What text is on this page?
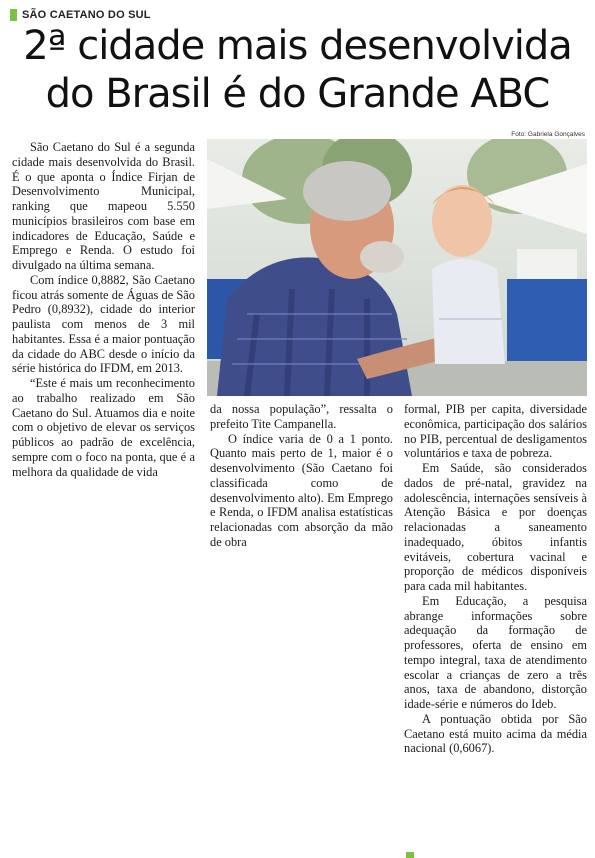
SÃO CAETANO DO SUL
2ª cidade mais desenvolvida
do Brasil é do Grande ABC
Foto: Gabriela Gonçalves

São Caetano do Sul é a segunda cidade mais desenvolvida do Brasil. É o que aponta o Índice Firjan de Desenvolvimento Municipal, ranking que mapeou 5.550 municípios brasileiros com base em indicadores de Educação, Saúde e Emprego e Renda. O estudo foi divulgado na última semana.

Com índice 0,8882, São Caetano ficou atrás somente de Águas de São Pedro (0,8932), cidade do interior paulista com menos de 3 mil habitantes. Essa é a maior pontuação da cidade do ABC desde o início da série histórica do IFDM, em 2013.

“Este é mais um reconhecimento ao trabalho realizado em São Caetano do Sul. Atuamos dia e noite com o objetivo de elevar os serviços públicos ao padrão de excelência, sempre com o foco na ponta, que é a melhora da qualidade de vida

da nossa população”, ressalta o prefeito Tite Campanella.

O índice varia de 0 a 1 ponto. Quanto mais perto de 1, maior é o desenvolvimento (São Caetano foi classificada como de desenvolvimento alto). Em Emprego e Renda, o IFDM analisa estatísticas relacionadas com absorção da mão de obra

formal, PIB per capita, diversidade econômica, participação dos salários no PIB, percentual de desligamentos voluntários e taxa de pobreza.

Em Saúde, são considerados dados de pré-natal, gravidez na adolescência, internações sensíveis à Atenção Básica e por doenças relacionadas a saneamento inadequado, óbitos infantis evitáveis, cobertura vacinal e proporção de médicos disponíveis para cada mil habitantes.

Em Educação, a pesquisa abrange informações sobre adequação da formação de professores, oferta de ensino em tempo integral, taxa de atendimento escolar a crianças de zero a três anos, taxa de abandono, distorção idade-série e números do Ideb.

A pontuação obtida por São Caetano está muito acima da média nacional (0,6067).
